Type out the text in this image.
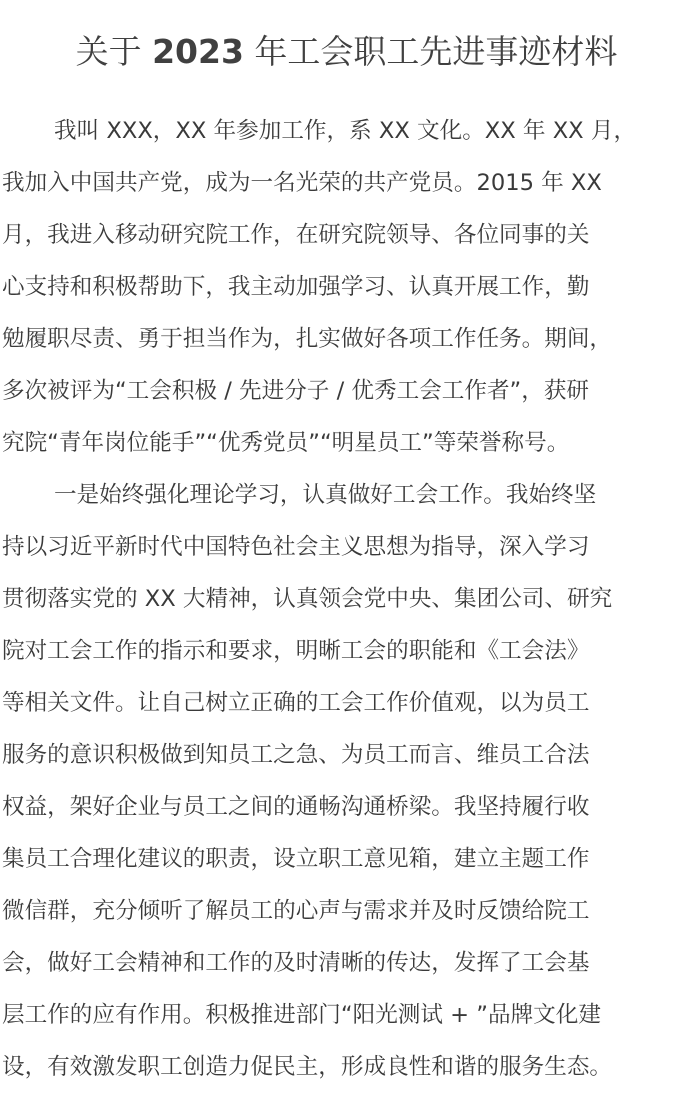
关于 2023 年工会职工先进事迹材料

我叫 XXX，XX 年参加工作，系 XX 文化。XX 年 XX 月，
我加入中国共产党，成为一名光荣的共产党员。2015 年 XX
月，我进入移动研究院工作，在研究院领导、各位同事的关
心支持和积极帮助下，我主动加强学习、认真开展工作，勤
勉履职尽责、勇于担当作为，扎实做好各项工作任务。期间，
多次被评为“工会积极 / 先进分子 / 优秀工会工作者”，获研
究院“青年岗位能手”“优秀党员”“明星员工”等荣誉称号。

一是始终强化理论学习，认真做好工会工作。我始终坚
持以习近平新时代中国特色社会主义思想为指导，深入学习
贯彻落实党的 XX 大精神，认真领会党中央、集团公司、研究
院对工会工作的指示和要求，明晰工会的职能和《工会法》
等相关文件。让自己树立正确的工会工作价值观，以为员工
服务的意识积极做到知员工之急、为员工而言、维员工合法
权益，架好企业与员工之间的通畅沟通桥梁。我坚持履行收
集员工合理化建议的职责，设立职工意见箱，建立主题工作
微信群，充分倾听了解员工的心声与需求并及时反馈给院工
会，做好工会精神和工作的及时清晰的传达，发挥了工会基
层工作的应有作用。积极推进部门“阳光测试 + ”品牌文化建
设，有效激发职工创造力促民主，形成良性和谐的服务生态。
